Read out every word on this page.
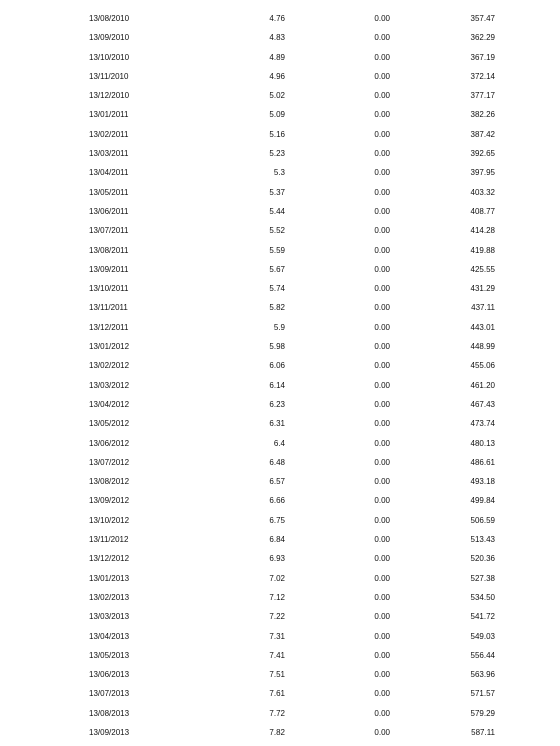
13/08/2010	4.76	0.00	357.47
13/09/2010	4.83	0.00	362.29
13/10/2010	4.89	0.00	367.19
13/11/2010	4.96	0.00	372.14
13/12/2010	5.02	0.00	377.17
13/01/2011	5.09	0.00	382.26
13/02/2011	5.16	0.00	387.42
13/03/2011	5.23	0.00	392.65
13/04/2011	5.3	0.00	397.95
13/05/2011	5.37	0.00	403.32
13/06/2011	5.44	0.00	408.77
13/07/2011	5.52	0.00	414.28
13/08/2011	5.59	0.00	419.88
13/09/2011	5.67	0.00	425.55
13/10/2011	5.74	0.00	431.29
13/11/2011	5.82	0.00	437.11
13/12/2011	5.9	0.00	443.01
13/01/2012	5.98	0.00	448.99
13/02/2012	6.06	0.00	455.06
13/03/2012	6.14	0.00	461.20
13/04/2012	6.23	0.00	467.43
13/05/2012	6.31	0.00	473.74
13/06/2012	6.4	0.00	480.13
13/07/2012	6.48	0.00	486.61
13/08/2012	6.57	0.00	493.18
13/09/2012	6.66	0.00	499.84
13/10/2012	6.75	0.00	506.59
13/11/2012	6.84	0.00	513.43
13/12/2012	6.93	0.00	520.36
13/01/2013	7.02	0.00	527.38
13/02/2013	7.12	0.00	534.50
13/03/2013	7.22	0.00	541.72
13/04/2013	7.31	0.00	549.03
13/05/2013	7.41	0.00	556.44
13/06/2013	7.51	0.00	563.96
13/07/2013	7.61	0.00	571.57
13/08/2013	7.72	0.00	579.29
13/09/2013	7.82	0.00	587.11
